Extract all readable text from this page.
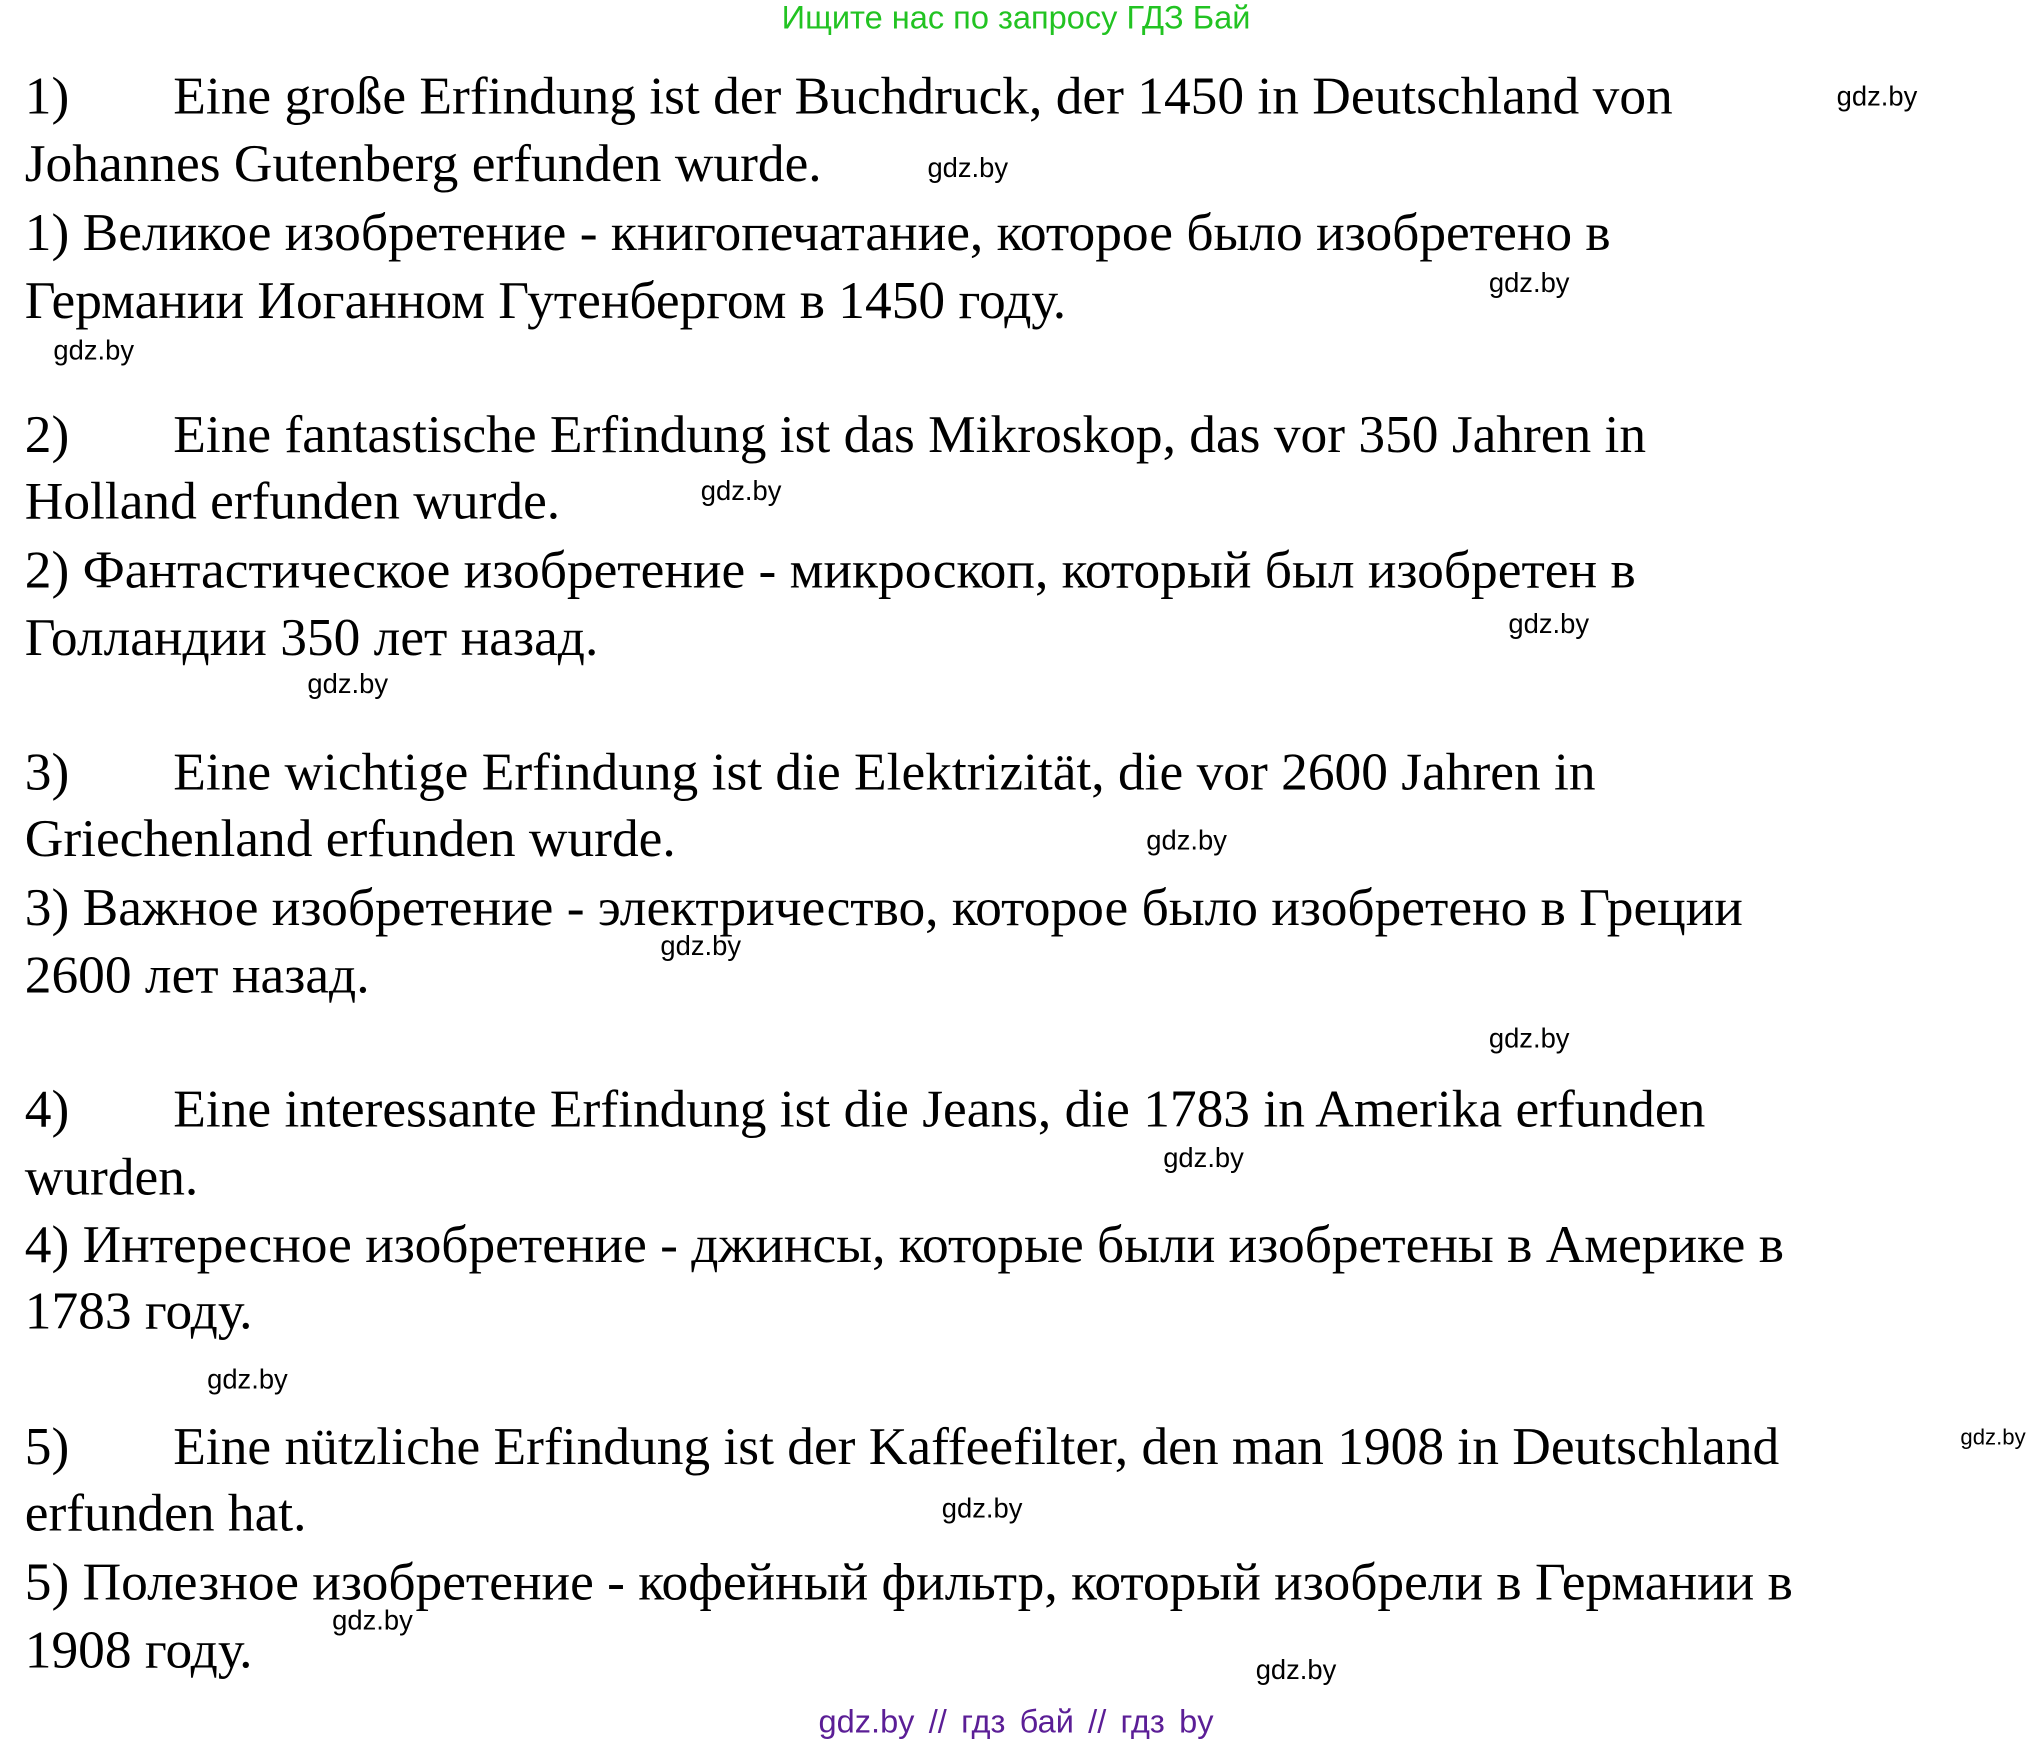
Ищите нас по запросу ГДЗ Бай
1)	Eine große Erfindung ist der Buchdruck, der 1450 in Deutschland von
Johannes Gutenberg erfunden wurde.
1) Великое изобретение - книгопечатание, которое было изобретено в
Германии Иоганном Гутенбергом в 1450 году.
2)	Eine fantastische Erfindung ist das Mikroskop, das vor 350 Jahren in
Holland erfunden wurde.
2) Фантастическое изобретение - микроскоп, который был изобретен в
Голландии 350 лет назад.
3)	Eine wichtige Erfindung ist die Elektrizität, die vor 2600 Jahren in
Griechenland erfunden wurde.
3) Важное изобретение - электричество, которое было изобретено в Греции
2600 лет назад.
4)	Eine interessante Erfindung ist die Jeans, die 1783 in Amerika erfunden
wurden.
4) Интересное изобретение - джинсы, которые были изобретены в Америке в
1783 году.
5)	Eine nützliche Erfindung ist der Kaffeefilter, den man 1908 in Deutschland
erfunden hat.
5) Полезное изобретение - кофейный фильтр, который изобрели в Германии в
1908 году.
gdz.by
gdz.by
gdz.by
gdz.by
gdz.by
gdz.by
gdz.by
gdz.by
gdz.by
gdz.by
gdz.by
gdz.by
gdz.by
gdz.by
gdz.by
gdz.by
gdz.by // гдз бай // гдз by
